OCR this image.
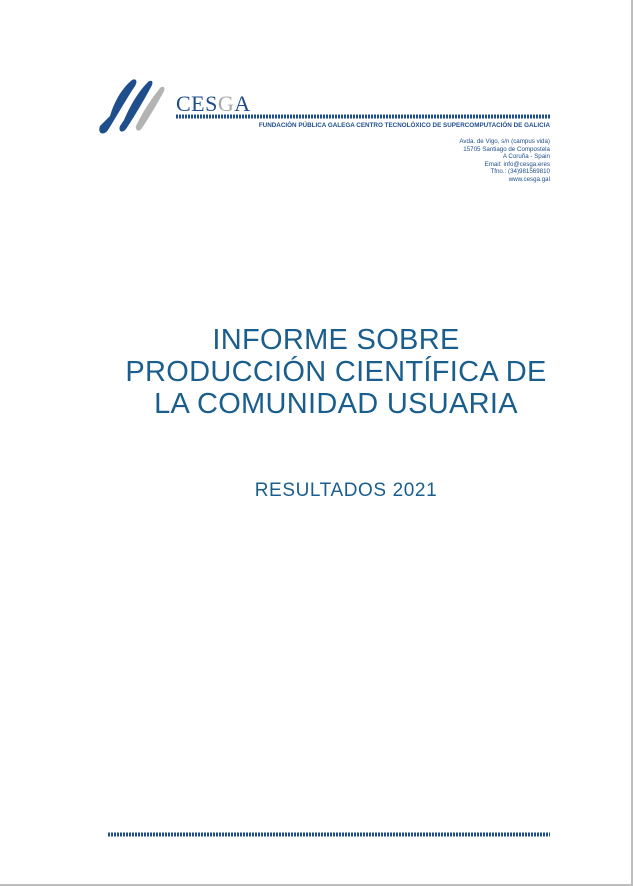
CESGA
FUNDACIÓN PÚBLICA GALEGA CENTRO TECNOLÓXICO DE SUPERCOMPUTACIÓN DE GALICIA
Avda. de Vigo, s/n (campus vida)
15705 Santiago de Compostela
A Coruña - Spain
Email: info@cesga.eres
Tfno.: (34)981569810
www.cesga.gal
INFORME SOBRE
PRODUCCIÓN CIENTÍFICA DE
LA COMUNIDAD USUARIA
RESULTADOS 2021
